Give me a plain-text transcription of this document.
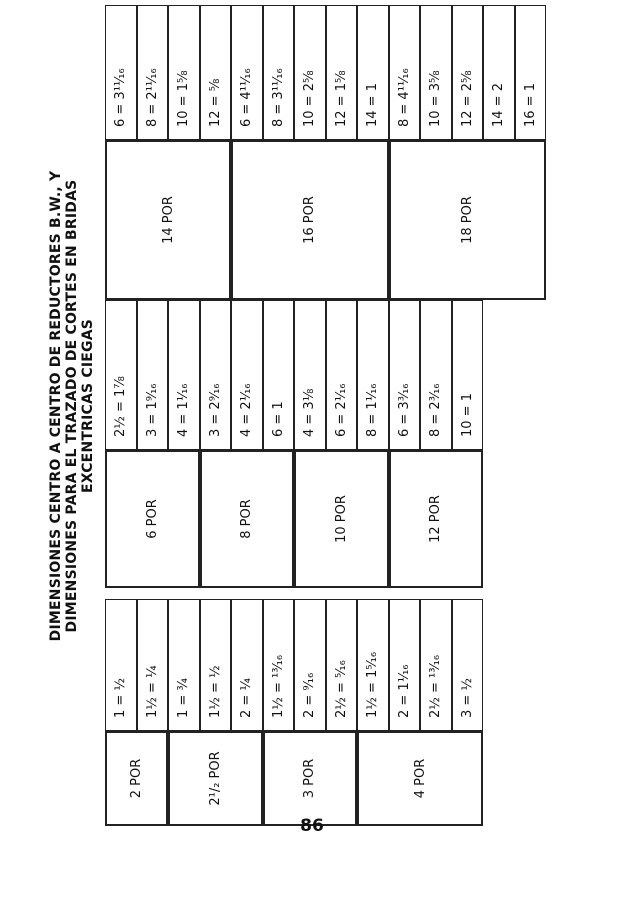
DIMENSIONES CENTRO A CENTRO DE REDUCTORES B.W., Y DIMENSIONES PARA EL TRAZADO DE CORTES EN BRIDAS EXCENTRICAS CIEGAS
2 POR
1 = ½	1½ = ¼
2¹/₂ POR
1 = ¾	1½ = ½	2 = ¼
3 POR
1½ = ¹³⁄₁₆	2 = ⁹⁄₁₆	2½ = ⁵⁄₁₆
4 POR
1½ = 1⁵⁄₁₆	2 = 1¹⁄₁₆	2½ = ¹³⁄₁₆	3 = ½
6 POR
2½ = 1⅞	3 = 1⁹⁄₁₆	4 = 1¹⁄₁₆
8 POR
3 = 2⁹⁄₁₆	4 = 2¹⁄₁₆	6 = 1
10 POR
4 = 3⅛	6 = 2¹⁄₁₆	8 = 1¹⁄₁₆
12 POR
6 = 3³⁄₁₆	8 = 2³⁄₁₆	10 = 1
14 POR
6 = 3¹¹⁄₁₆	8 = 2¹¹⁄₁₆	10 = 1⅝	12 = ⅝
16 POR
6 = 4¹¹⁄₁₆	8 = 3¹¹⁄₁₆	10 = 2⅝	12 = 1⅝	14 = 1
18 POR
8 = 4¹¹⁄₁₆	10 = 3⅝	12 = 2⅝	14 = 2	16 = 1
86
